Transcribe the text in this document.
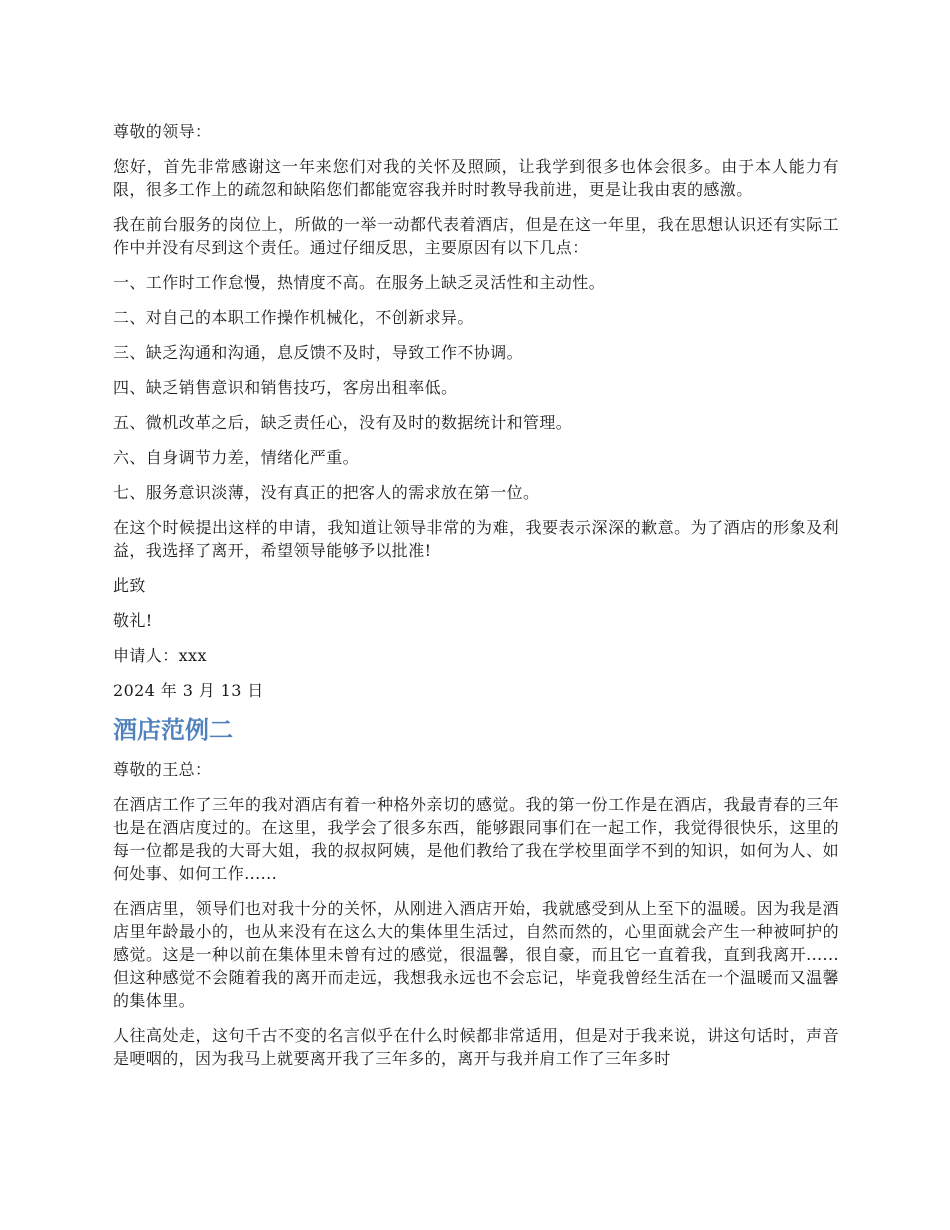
尊敬的领导：

您好，首先非常感谢这一年来您们对我的关怀及照顾，让我学到很多也体会很多。由于本人能力有限，很多工作上的疏忽和缺陷您们都能宽容我并时时教导我前进，更是让我由衷的感激。

我在前台服务的岗位上，所做的一举一动都代表着酒店，但是在这一年里，我在思想认识还有实际工作中并没有尽到这个责任。通过仔细反思，主要原因有以下几点：

一、工作时工作怠慢，热情度不高。在服务上缺乏灵活性和主动性。

二、对自己的本职工作操作机械化，不创新求异。

三、缺乏沟通和沟通，息反馈不及时，导致工作不协调。

四、缺乏销售意识和销售技巧，客房出租率低。

五、微机改革之后，缺乏责任心，没有及时的数据统计和管理。

六、自身调节力差，情绪化严重。

七、服务意识淡薄，没有真正的把客人的需求放在第一位。

在这个时候提出这样的申请，我知道让领导非常的为难，我要表示深深的歉意。为了酒店的形象及利益，我选择了离开，希望领导能够予以批准!

此致

敬礼!

申请人：xxx

2024 年 3 月 13 日

酒店范例二

尊敬的王总：

在酒店工作了三年的我对酒店有着一种格外亲切的感觉。我的第一份工作是在酒店，我最青春的三年也是在酒店度过的。在这里，我学会了很多东西，能够跟同事们在一起工作，我觉得很快乐，这里的每一位都是我的大哥大姐，我的叔叔阿姨，是他们教给了我在学校里面学不到的知识，如何为人、如何处事、如何工作......

在酒店里，领导们也对我十分的关怀，从刚进入酒店开始，我就感受到从上至下的温暖。因为我是酒店里年龄最小的，也从来没有在这么大的集体里生活过，自然而然的，心里面就会产生一种被呵护的感觉。这是一种以前在集体里未曾有过的感觉，很温馨，很自豪，而且它一直着我，直到我离开......但这种感觉不会随着我的离开而走远，我想我永远也不会忘记，毕竟我曾经生活在一个温暖而又温馨的集体里。

人往高处走，这句千古不变的名言似乎在什么时候都非常适用，但是对于我来说，讲这句话时，声音是哽咽的，因为我马上就要离开我了三年多的，离开与我并肩工作了三年多时
